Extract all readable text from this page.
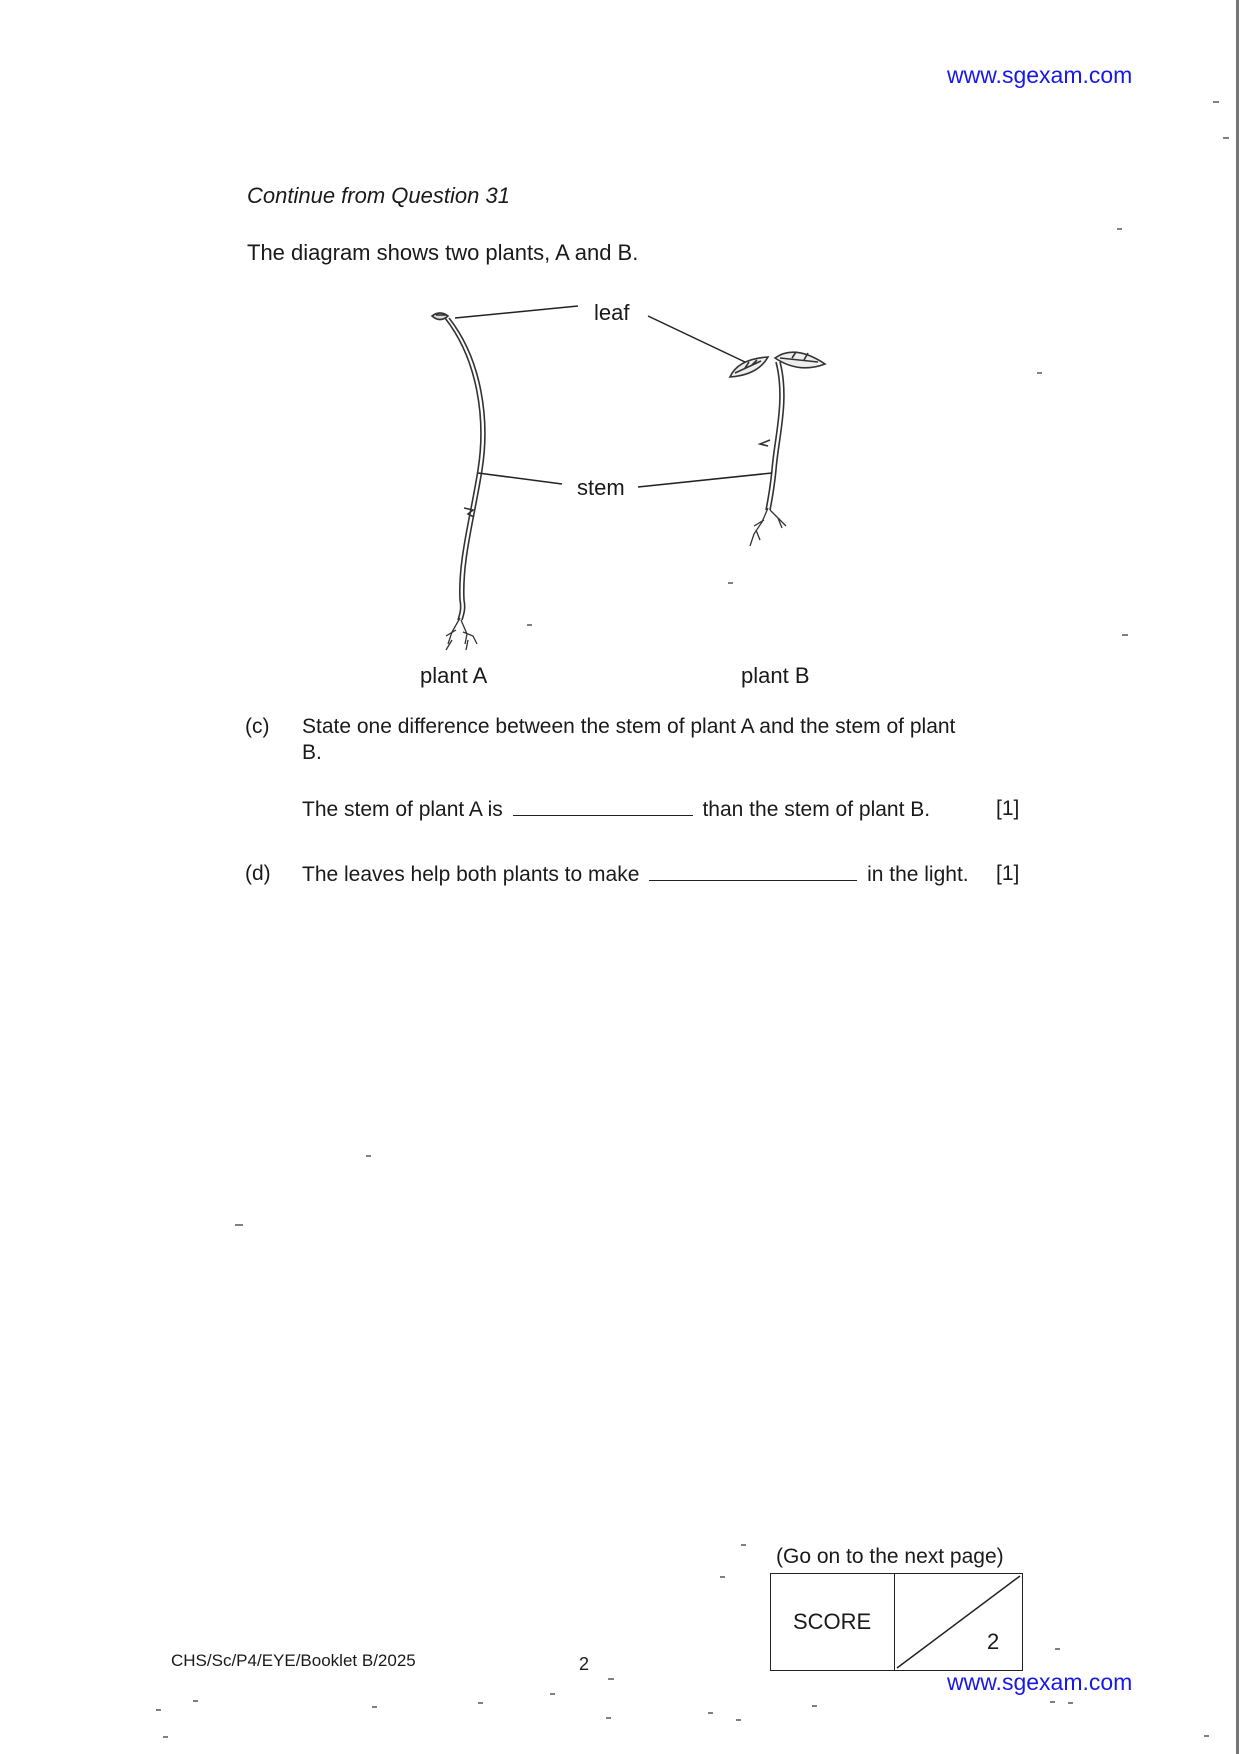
www.sgexam.com
Continue from Question 31
The diagram shows two plants, A and B.
leaf
stem
plant A	plant B
(c) State one difference between the stem of plant A and the stem of plant
B.
The stem of plant A is	than the stem of plant B.	[1]
(d) The leaves help both plants to make	in the light. [1]
(Go on to the next page)
SCORE
2
CHS/Sc/P4/EYE/Booklet B/2025	2
www.sgexam.com
